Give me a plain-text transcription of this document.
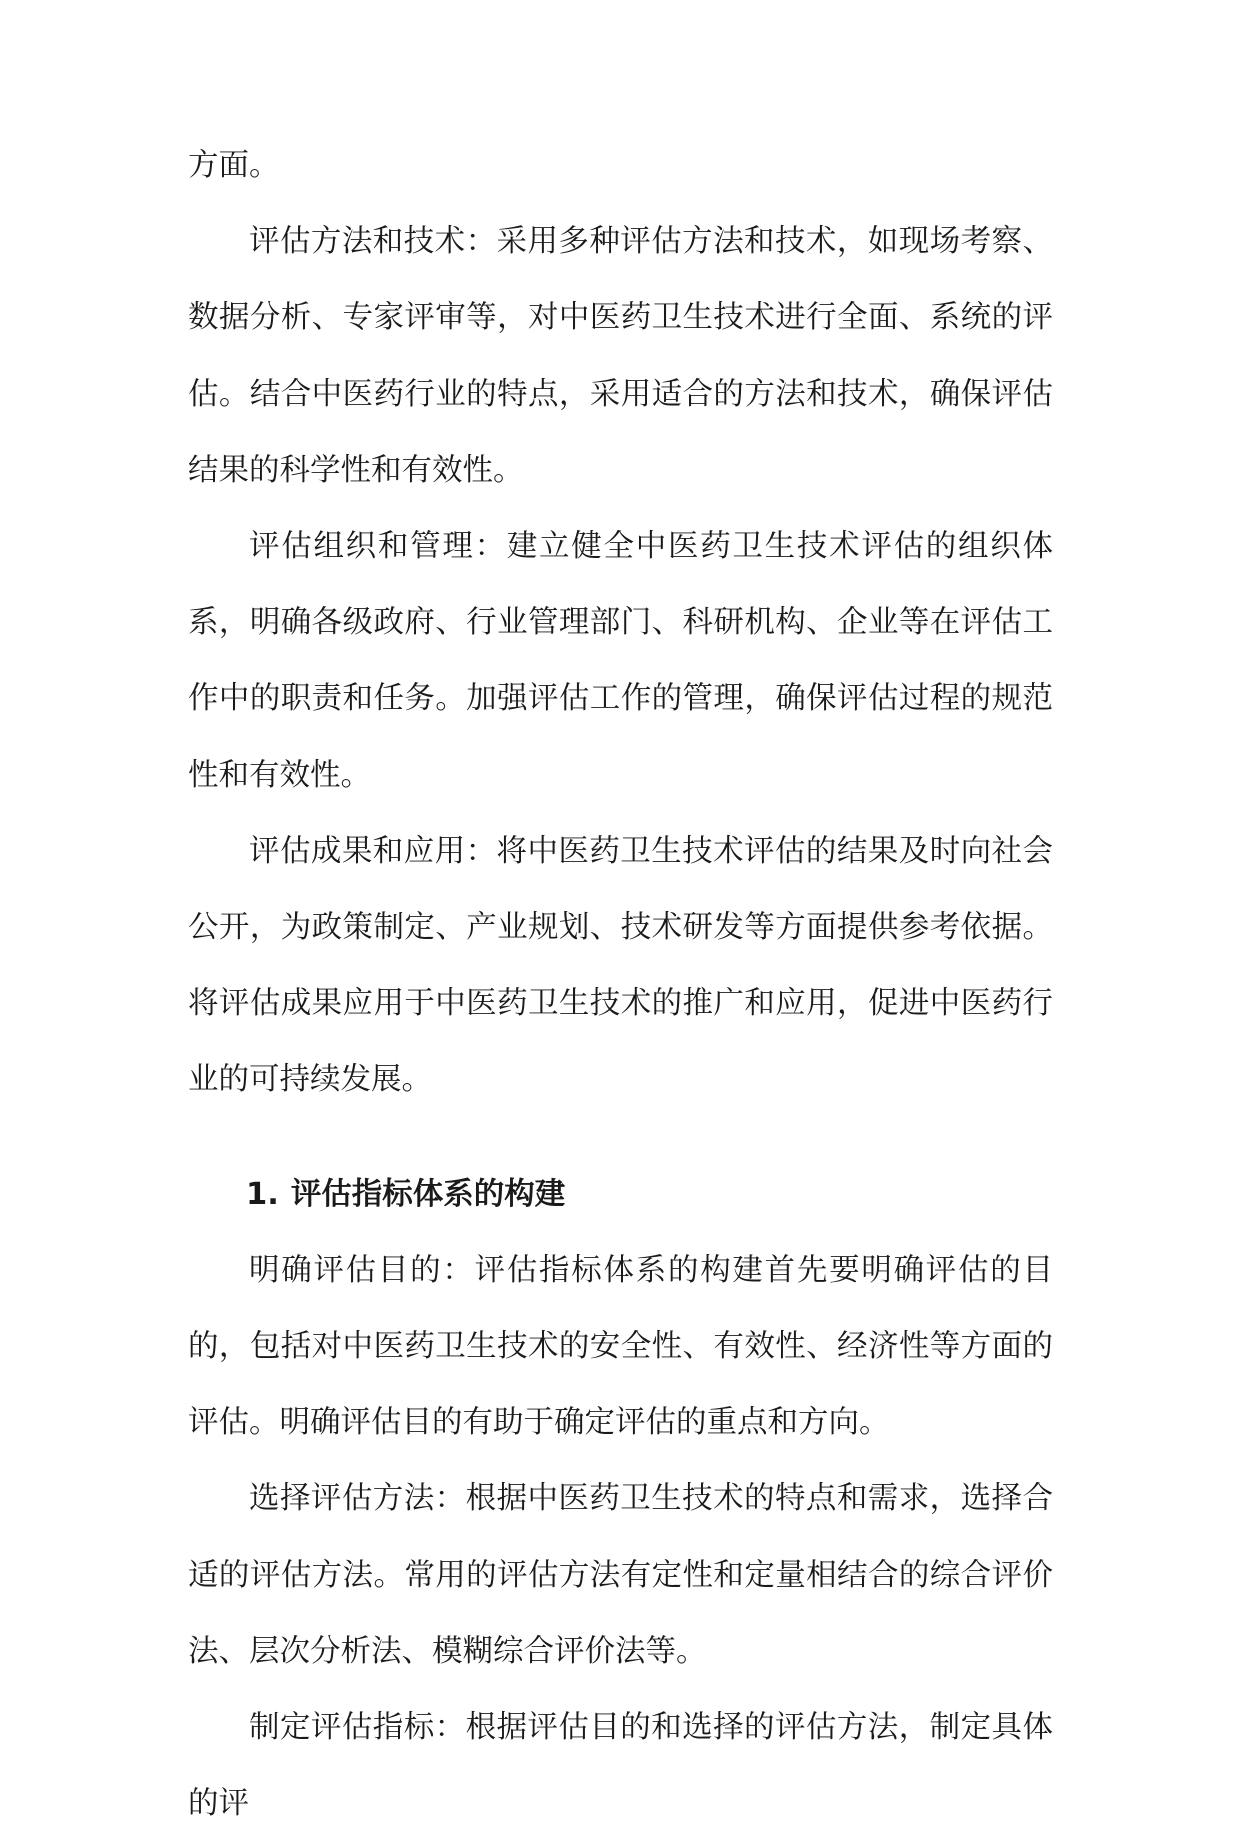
方面。

评估方法和技术：采用多种评估方法和技术，如现场考察、数据分析、专家评审等，对中医药卫生技术进行全面、系统的评估。结合中医药行业的特点，采用适合的方法和技术，确保评估结果的科学性和有效性。

评估组织和管理：建立健全中医药卫生技术评估的组织体系，明确各级政府、行业管理部门、科研机构、企业等在评估工作中的职责和任务。加强评估工作的管理，确保评估过程的规范性和有效性。

评估成果和应用：将中医药卫生技术评估的结果及时向社会公开，为政策制定、产业规划、技术研发等方面提供参考依据。将评估成果应用于中医药卫生技术的推广和应用，促进中医药行业的可持续发展。

1. 评估指标体系的构建

明确评估目的：评估指标体系的构建首先要明确评估的目的，包括对中医药卫生技术的安全性、有效性、经济性等方面的评估。明确评估目的有助于确定评估的重点和方向。

选择评估方法：根据中医药卫生技术的特点和需求，选择合适的评估方法。常用的评估方法有定性和定量相结合的综合评价法、层次分析法、模糊综合评价法等。

制定评估指标：根据评估目的和选择的评估方法，制定具体的评
